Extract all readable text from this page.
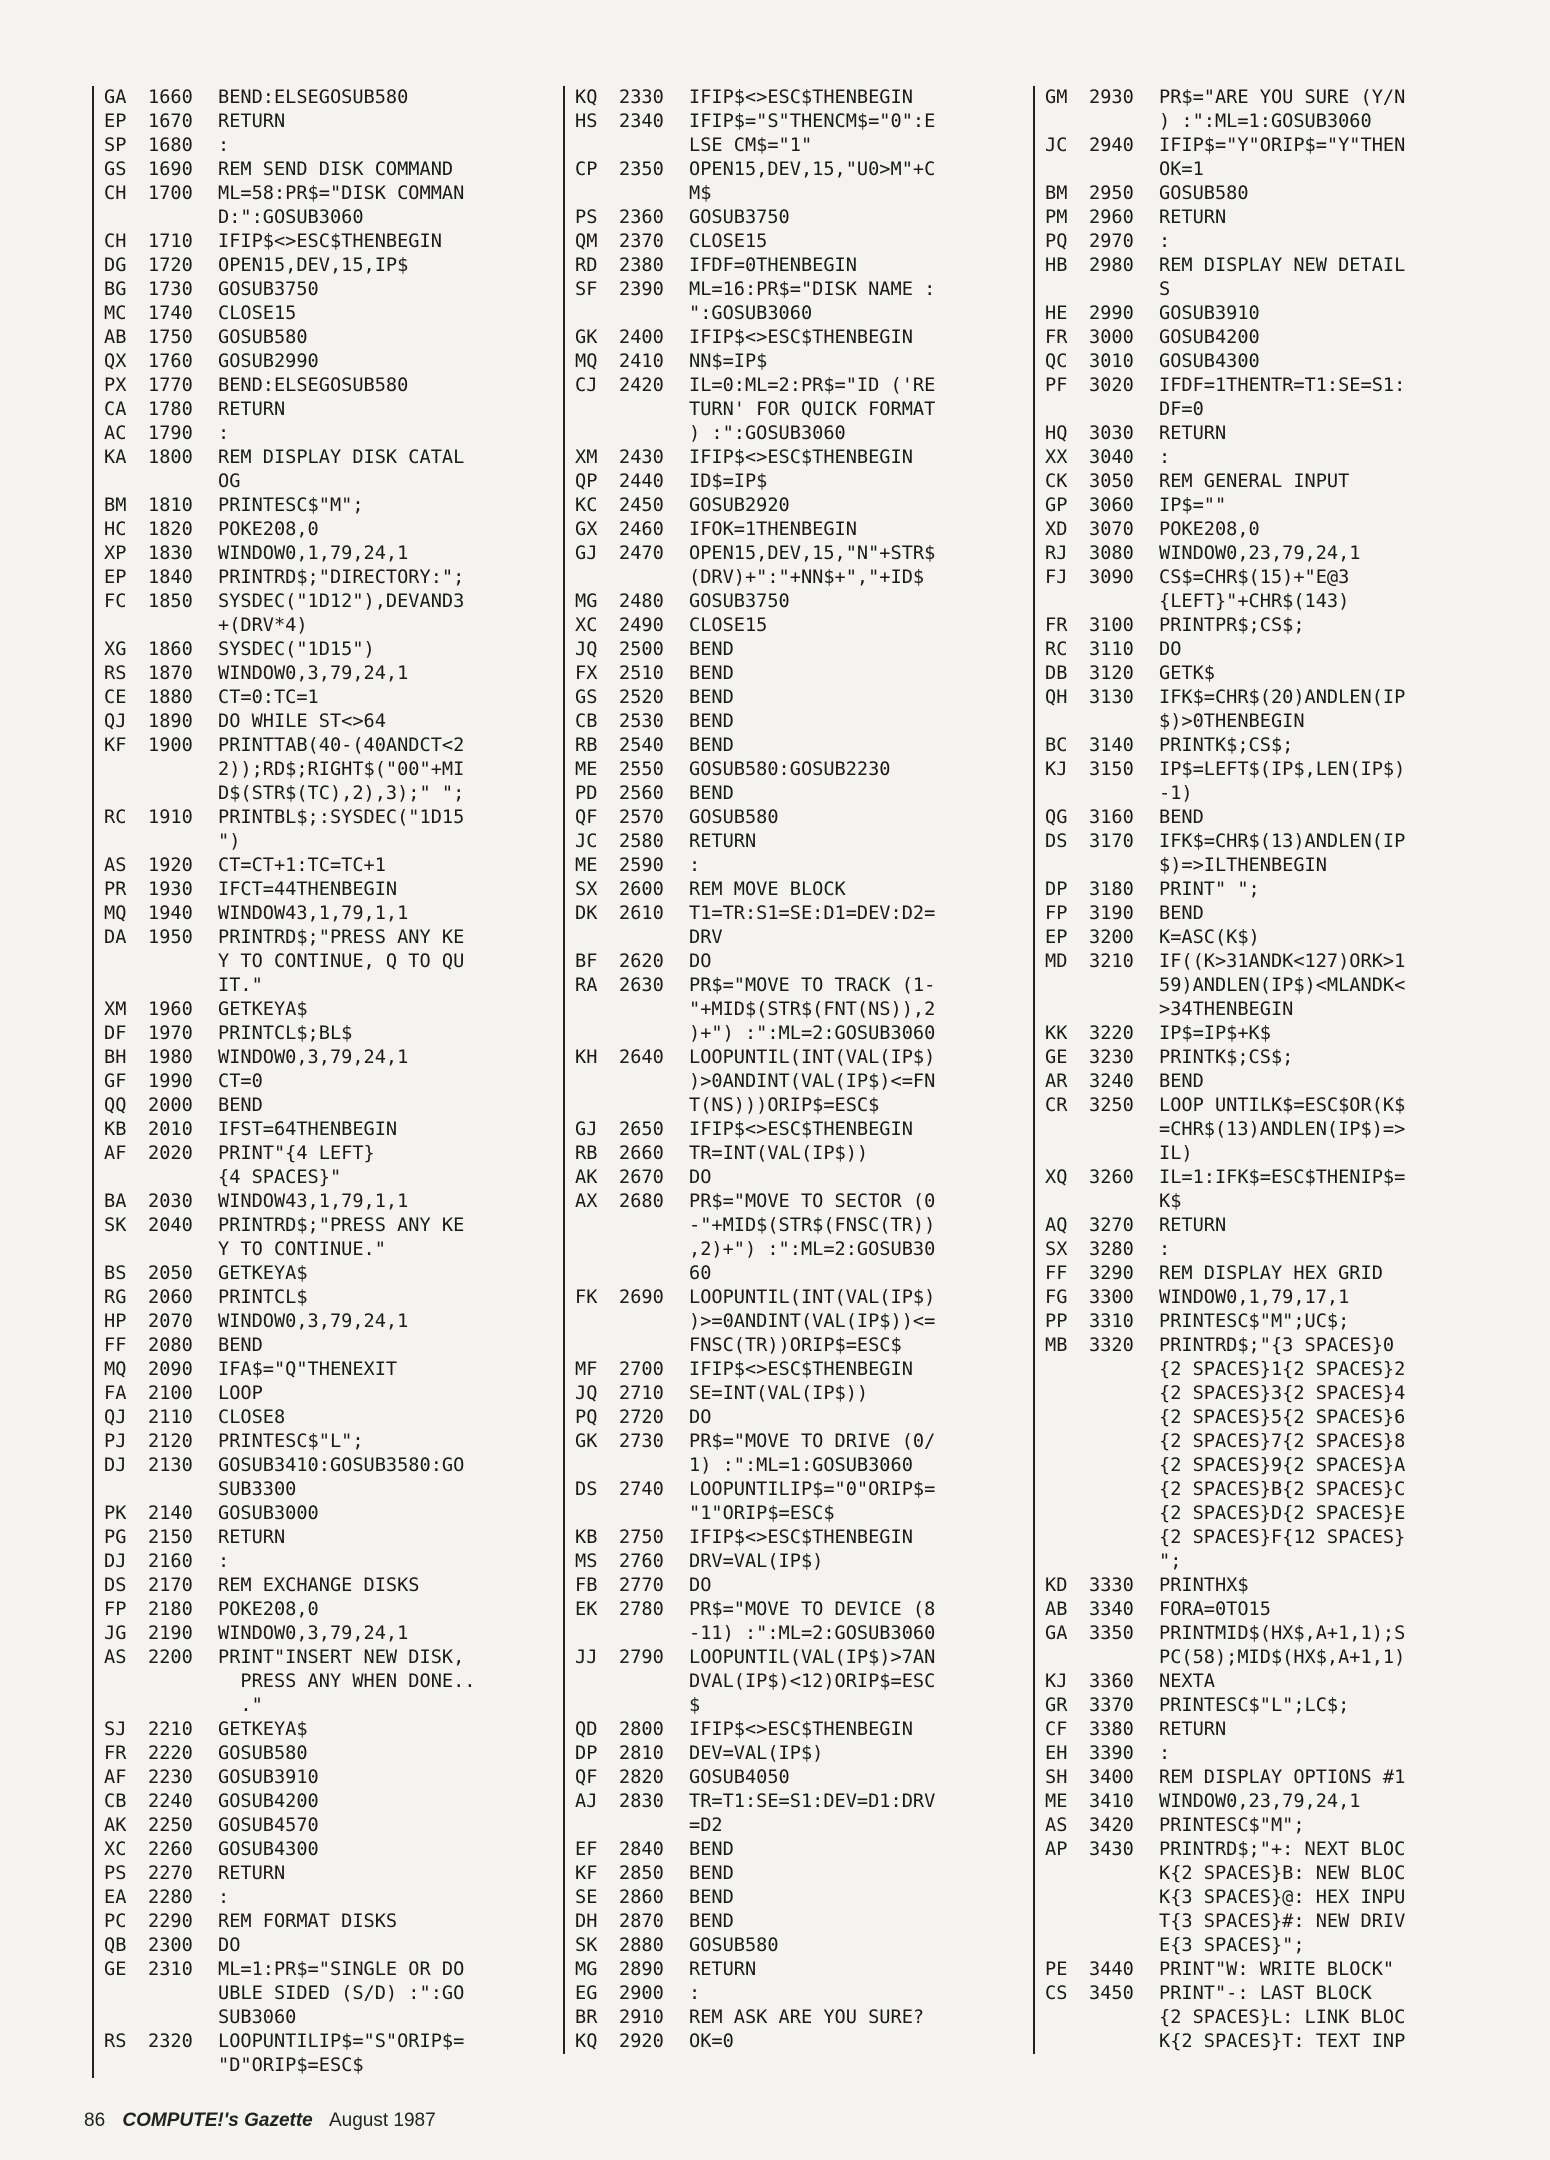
GA	1660	BEND:ELSEGOSUB580
EP	1670	RETURN
SP	1680	:
GS	1690	REM SEND DISK COMMAND
CH	1700	ML=58:PR$="DISK COMMAN
D:":GOSUB3060
CH	1710	IFIP$<>ESC$THENBEGIN
DG	1720	OPEN15,DEV,15,IP$
BG	1730	GOSUB3750
MC	1740	CLOSE15
AB	1750	GOSUB580
QX	1760	GOSUB2990
PX	1770	BEND:ELSEGOSUB580
CA	1780	RETURN
AC	1790	:
KA	1800	REM DISPLAY DISK CATAL
OG
BM	1810	PRINTESC$"M";
HC	1820	POKE208,0
XP	1830	WINDOW0,1,79,24,1
EP	1840	PRINTRD$;"DIRECTORY:";
FC	1850	SYSDEC("1D12"),DEVAND3
+(DRV*4)
XG	1860	SYSDEC("1D15")
RS	1870	WINDOW0,3,79,24,1
CE	1880	CT=0:TC=1
QJ	1890	DO WHILE ST<>64
KF	1900	PRINTTAB(40-(40ANDCT<2
2));RD$;RIGHT$("00"+MI
D$(STR$(TC),2),3);" ";
RC	1910	PRINTBL$;:SYSDEC("1D15
")
AS	1920	CT=CT+1:TC=TC+1
PR	1930	IFCT=44THENBEGIN
MQ	1940	WINDOW43,1,79,1,1
DA	1950	PRINTRD$;"PRESS ANY KE
Y TO CONTINUE, Q TO QU
IT."
XM	1960	GETKEYA$
DF	1970	PRINTCL$;BL$
BH	1980	WINDOW0,3,79,24,1
GF	1990	CT=0
QQ	2000	BEND
KB	2010	IFST=64THENBEGIN
AF	2020	PRINT"{4 LEFT}
{4 SPACES}"
BA	2030	WINDOW43,1,79,1,1
SK	2040	PRINTRD$;"PRESS ANY KE
Y TO CONTINUE."
BS	2050	GETKEYA$
RG	2060	PRINTCL$
HP	2070	WINDOW0,3,79,24,1
FF	2080	BEND
MQ	2090	IFA$="Q"THENEXIT
FA	2100	LOOP
QJ	2110	CLOSE8
PJ	2120	PRINTESC$"L";
DJ	2130	GOSUB3410:GOSUB3580:GO
SUB3300
PK	2140	GOSUB3000
PG	2150	RETURN
DJ	2160	:
DS	2170	REM EXCHANGE DISKS
FP	2180	POKE208,0
JG	2190	WINDOW0,3,79,24,1
AS	2200	PRINT"INSERT NEW DISK,
PRESS ANY WHEN DONE..
."
SJ	2210	GETKEYA$
FR	2220	GOSUB580
AF	2230	GOSUB3910
CB	2240	GOSUB4200
AK	2250	GOSUB4570
XC	2260	GOSUB4300
PS	2270	RETURN
EA	2280	:
PC	2290	REM FORMAT DISKS
QB	2300	DO
GE	2310	ML=1:PR$="SINGLE OR DO
UBLE SIDED (S/D) :":GO
SUB3060
RS	2320	LOOPUNTILIP$="S"ORIP$=
"D"ORIP$=ESC$
KQ	2330	IFIP$<>ESC$THENBEGIN
HS	2340	IFIP$="S"THENCM$="0":E
LSE CM$="1"
CP	2350	OPEN15,DEV,15,"U0>M"+C
M$
PS	2360	GOSUB3750
QM	2370	CLOSE15
RD	2380	IFDF=0THENBEGIN
SF	2390	ML=16:PR$="DISK NAME :
":GOSUB3060
GK	2400	IFIP$<>ESC$THENBEGIN
MQ	2410	NN$=IP$
CJ	2420	IL=0:ML=2:PR$="ID ('RE
TURN' FOR QUICK FORMAT
) :":GOSUB3060
XM	2430	IFIP$<>ESC$THENBEGIN
QP	2440	ID$=IP$
KC	2450	GOSUB2920
GX	2460	IFOK=1THENBEGIN
GJ	2470	OPEN15,DEV,15,"N"+STR$
(DRV)+":"+NN$+","+ID$
MG	2480	GOSUB3750
XC	2490	CLOSE15
JQ	2500	BEND
FX	2510	BEND
GS	2520	BEND
CB	2530	BEND
RB	2540	BEND
ME	2550	GOSUB580:GOSUB2230
PD	2560	BEND
QF	2570	GOSUB580
JC	2580	RETURN
ME	2590	:
SX	2600	REM MOVE BLOCK
DK	2610	T1=TR:S1=SE:D1=DEV:D2=
DRV
BF	2620	DO
RA	2630	PR$="MOVE TO TRACK (1-
"+MID$(STR$(FNT(NS)),2
)+") :":ML=2:GOSUB3060
KH	2640	LOOPUNTIL(INT(VAL(IP$)
)>0ANDINT(VAL(IP$)<=FN
T(NS)))ORIP$=ESC$
GJ	2650	IFIP$<>ESC$THENBEGIN
RB	2660	TR=INT(VAL(IP$))
AK	2670	DO
AX	2680	PR$="MOVE TO SECTOR (0
-"+MID$(STR$(FNSC(TR))
,2)+") :":ML=2:GOSUB30
60
FK	2690	LOOPUNTIL(INT(VAL(IP$)
)>=0ANDINT(VAL(IP$))<=
FNSC(TR))ORIP$=ESC$
MF	2700	IFIP$<>ESC$THENBEGIN
JQ	2710	SE=INT(VAL(IP$))
PQ	2720	DO
GK	2730	PR$="MOVE TO DRIVE (0/
1) :":ML=1:GOSUB3060
DS	2740	LOOPUNTILIP$="0"ORIP$=
"1"ORIP$=ESC$
KB	2750	IFIP$<>ESC$THENBEGIN
MS	2760	DRV=VAL(IP$)
FB	2770	DO
EK	2780	PR$="MOVE TO DEVICE (8
-11) :":ML=2:GOSUB3060
JJ	2790	LOOPUNTIL(VAL(IP$)>7AN
DVAL(IP$)<12)ORIP$=ESC
$
QD	2800	IFIP$<>ESC$THENBEGIN
DP	2810	DEV=VAL(IP$)
QF	2820	GOSUB4050
AJ	2830	TR=T1:SE=S1:DEV=D1:DRV
=D2
EF	2840	BEND
KF	2850	BEND
SE	2860	BEND
DH	2870	BEND
SK	2880	GOSUB580
MG	2890	RETURN
EG	2900	:
BR	2910	REM ASK ARE YOU SURE?
KQ	2920	OK=0
GM	2930	PR$="ARE YOU SURE (Y/N
) :":ML=1:GOSUB3060
JC	2940	IFIP$="Y"ORIP$="Y"THEN
OK=1
BM	2950	GOSUB580
PM	2960	RETURN
PQ	2970	:
HB	2980	REM DISPLAY NEW DETAIL
S
HE	2990	GOSUB3910
FR	3000	GOSUB4200
QC	3010	GOSUB4300
PF	3020	IFDF=1THENTR=T1:SE=S1:
DF=0
HQ	3030	RETURN
XX	3040	:
CK	3050	REM GENERAL INPUT
GP	3060	IP$=""
XD	3070	POKE208,0
RJ	3080	WINDOW0,23,79,24,1
FJ	3090	CS$=CHR$(15)+"E@3
{LEFT}"+CHR$(143)
FR	3100	PRINTPR$;CS$;
RC	3110	DO
DB	3120	GETK$
QH	3130	IFK$=CHR$(20)ANDLEN(IP
$)>0THENBEGIN
BC	3140	PRINTK$;CS$;
KJ	3150	IP$=LEFT$(IP$,LEN(IP$)
-1)
QG	3160	BEND
DS	3170	IFK$=CHR$(13)ANDLEN(IP
$)=>ILTHENBEGIN
DP	3180	PRINT" ";
FP	3190	BEND
EP	3200	K=ASC(K$)
MD	3210	IF((K>31ANDK<127)ORK>1
59)ANDLEN(IP$)<MLANDK<
>34THENBEGIN
KK	3220	IP$=IP$+K$
GE	3230	PRINTK$;CS$;
AR	3240	BEND
CR	3250	LOOP UNTILK$=ESC$OR(K$
=CHR$(13)ANDLEN(IP$)=>
IL)
XQ	3260	IL=1:IFK$=ESC$THENIP$=
K$
AQ	3270	RETURN
SX	3280	:
FF	3290	REM DISPLAY HEX GRID
FG	3300	WINDOW0,1,79,17,1
PP	3310	PRINTESC$"M";UC$;
MB	3320	PRINTRD$;"{3 SPACES}0
{2 SPACES}1{2 SPACES}2
{2 SPACES}3{2 SPACES}4
{2 SPACES}5{2 SPACES}6
{2 SPACES}7{2 SPACES}8
{2 SPACES}9{2 SPACES}A
{2 SPACES}B{2 SPACES}C
{2 SPACES}D{2 SPACES}E
{2 SPACES}F{12 SPACES}
";
KD	3330	PRINTHX$
AB	3340	FORA=0TO15
GA	3350	PRINTMID$(HX$,A+1,1);S
PC(58);MID$(HX$,A+1,1)
KJ	3360	NEXTA
GR	3370	PRINTESC$"L";LC$;
CF	3380	RETURN
EH	3390	:
SH	3400	REM DISPLAY OPTIONS #1
ME	3410	WINDOW0,23,79,24,1
AS	3420	PRINTESC$"M";
AP	3430	PRINTRD$;"+: NEXT BLOC
K{2 SPACES}B: NEW BLOC
K{3 SPACES}@: HEX INPU
T{3 SPACES}#: NEW DRIV
E{3 SPACES}";
PE	3440	PRINT"W: WRITE BLOCK"
CS	3450	PRINT"-: LAST BLOCK
{2 SPACES}L: LINK BLOC
K{2 SPACES}T: TEXT INP
86 COMPUTE!'s Gazette August 1987
